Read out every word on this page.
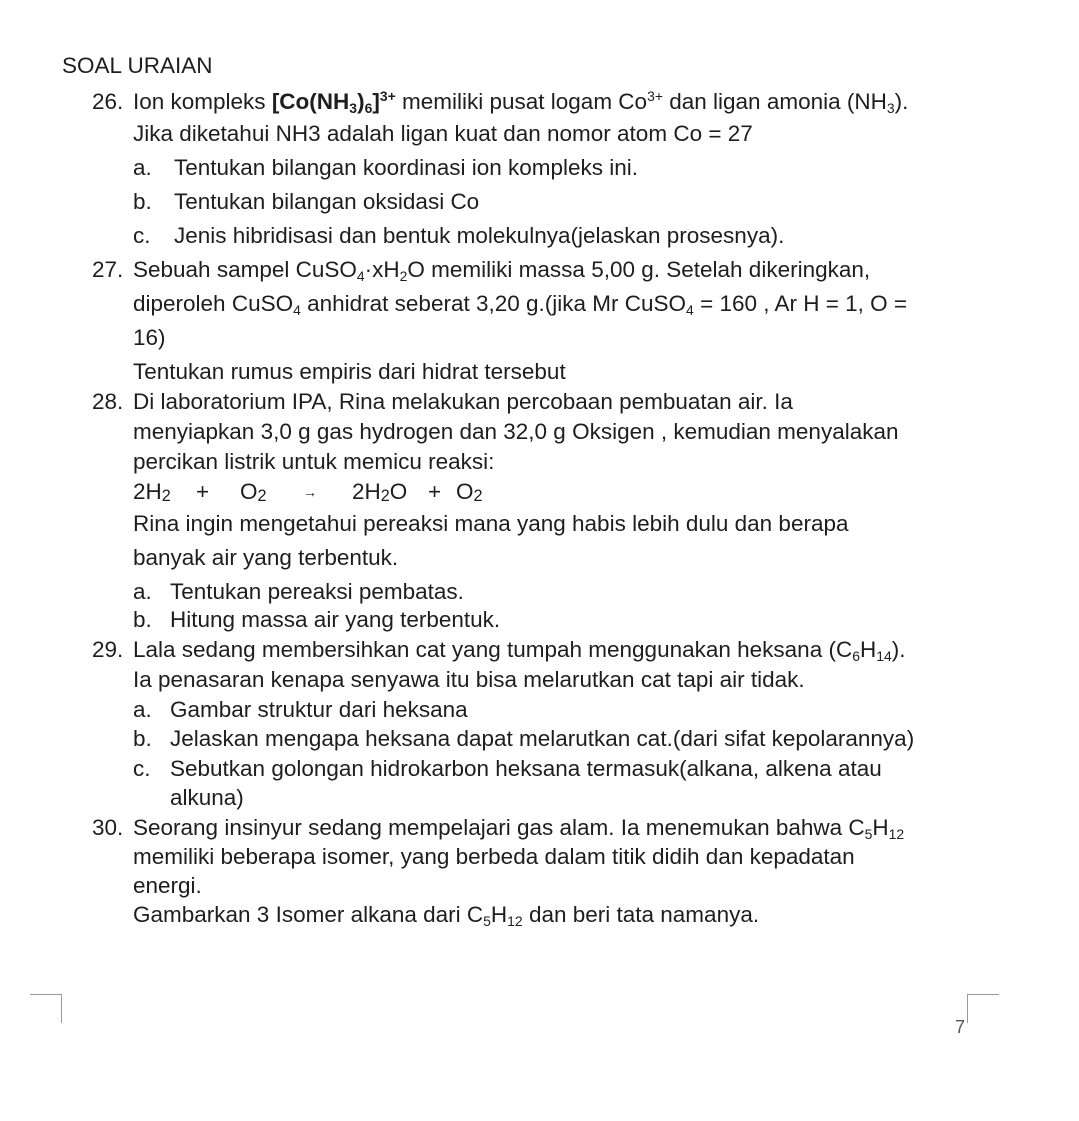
SOAL URAIAN
26. Ion kompleks $[Co(NH_3)_6]^{3+}$ memiliki pusat logam $Co^{3+}$ dan ligan amonia $(NH_3)$.
Jika diketahui NH3 adalah ligan kuat dan nomor atom Co = 27
a. Tentukan bilangan koordinasi ion kompleks ini.
b. Tentukan bilangan oksidasi Co
c. Jenis hibridisasi dan bentuk molekulnya(jelaskan prosesnya).
27. Sebuah sampel $CuSO_4\cdot xH_2O$ memiliki massa 5,00 g. Setelah dikeringkan,
diperoleh CuSO$_4$ anhidrat seberat 3,20 g.(jika Mr CuSO$_4$ = 160 , Ar H = 1, O =
16)
Tentukan rumus empiris dari hidrat tersebut
28. Di laboratorium IPA, Rina melakukan percobaan pembuatan air. Ia
menyiapkan 3,0 g gas hydrogen dan 32,0 g Oksigen , kemudian menyalakan
percikan listrik untuk memicu reaksi:
$2H_2 + O_2$	→ $2H_2O + O_2$
Rina ingin mengetahui pereaksi mana yang habis lebih dulu dan berapa
banyak air yang terbentuk.
a. Tentukan pereaksi pembatas.
b. Hitung massa air yang terbentuk.
29. Lala sedang membersihkan cat yang tumpah menggunakan heksana $(C_6H_{14})$.
Ia penasaran kenapa senyawa itu bisa melarutkan cat tapi air tidak.
a. Gambar struktur dari heksana
b. Jelaskan mengapa heksana dapat melarutkan cat.(dari sifat kepolarannya)
c. Sebutkan golongan hidrokarbon heksana termasuk(alkana, alkena atau
alkuna)
30. Seorang insinyur sedang mempelajari gas alam. Ia menemukan bahwa $C_5H_{12}$
memiliki beberapa isomer, yang berbeda dalam titik didih dan kepadatan
energi.
Gambarkan 3 Isomer alkana dari $C_5H_{12}$ dan beri tata namanya.
7
